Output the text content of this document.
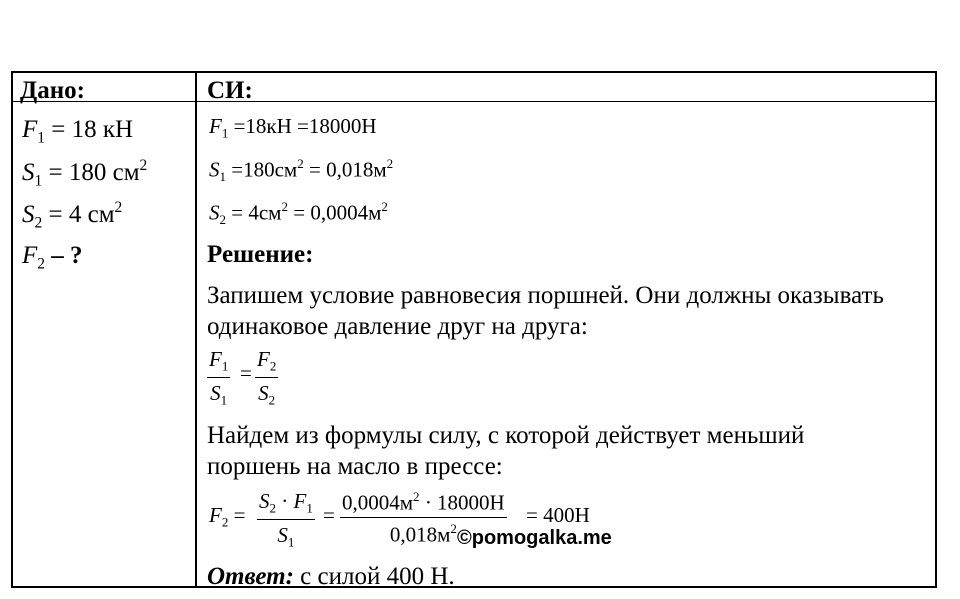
Дано:
$F_1 = 18$ кН
$S_1 = 180$ $см^2$
$S_2 = 4$ $см^2$
$F_2$ – ?
СИ:
$F_1 =18кН =18000Н$
$S_1 =180см^2 = 0,018м^2$
$S_2 = 4см^2 = 0,0004м^2$
Решение:
Запишем условие равновесия поршней. Они должны оказывать
одинаковое давление друг на друга:
$\frac{F_1}{S_1} = \frac{F_2}{S_2}$
Найдем из формулы силу, с которой действует меньший
поршень на масло в прессе:
$F_2 = \frac{S_2 \cdot F_1}{S_1}$ =
$0,0004м^2 \cdot 18000Н$
$0,018м^2$
= 400Н
©pomogalka.me
Ответ: с силой 400 Н.
